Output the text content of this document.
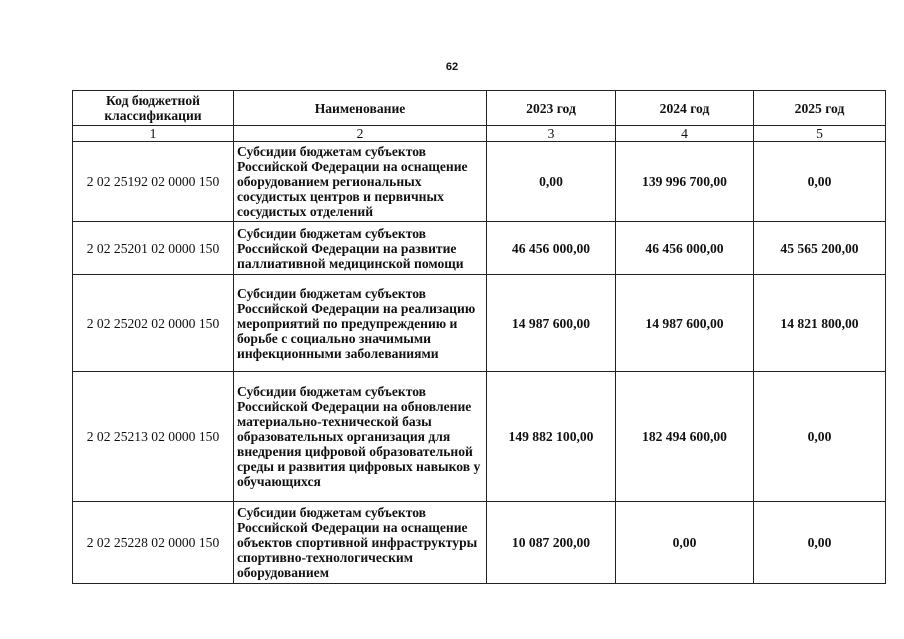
62
Код бюджетной классификации	Наименование	2023 год	2024 год	2025 год
1	2	3	4	5
2 02 25192 02 0000 150	Субсидии бюджетам субъектов Российской Федерации на оснащение оборудованием региональных сосудистых центров и первичных сосудистых отделений	0,00	139 996 700,00	0,00
2 02 25201 02 0000 150	Субсидии бюджетам субъектов Российской Федерации на развитие паллиативной медицинской помощи	46 456 000,00	46 456 000,00	45 565 200,00
2 02 25202 02 0000 150	Субсидии бюджетам субъектов Российской Федерации на реализацию мероприятий по предупреждению и борьбе с социально значимыми инфекционными заболеваниями	14 987 600,00	14 987 600,00	14 821 800,00
2 02 25213 02 0000 150	Субсидии бюджетам субъектов Российской Федерации на обновление материально-технической базы образовательных организация для внедрения цифровой образовательной среды и развития цифровых навыков у обучающихся	149 882 100,00	182 494 600,00	0,00
2 02 25228 02 0000 150	Субсидии бюджетам субъектов Российской Федерации на оснащение объектов спортивной инфраструктуры спортивно-технологическим оборудованием	10 087 200,00	0,00	0,00
